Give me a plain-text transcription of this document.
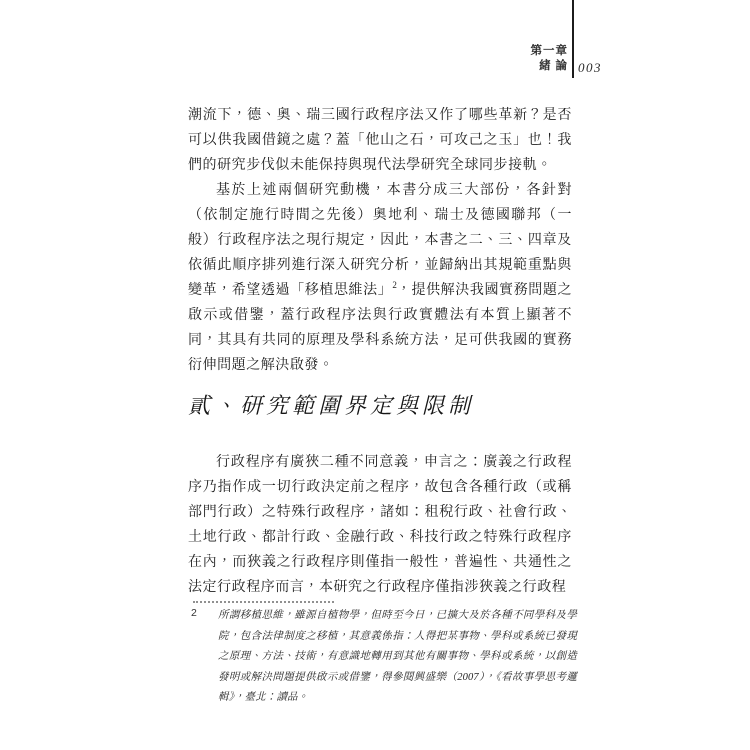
第一章
緒 論 003

潮流下，德、奧、瑞三國行政程序法又作了哪些革新？是否可以供我國借鏡之處？蓋「他山之石，可攻己之玉」也！我們的研究步伐似未能保持與現代法學研究全球同步接軌。

基於上述兩個研究動機，本書分成三大部份，各針對（依制定施行時間之先後）奧地利、瑞士及德國聯邦（一般）行政程序法之現行規定，因此，本書之二、三、四章及依循此順序排列進行深入研究分析，並歸納出其規範重點與變革，希望透過「移植思維法」$^2$，提供解決我國實務問題之啟示或借鑒，蓋行政程序法與行政實體法有本質上顯著不同，其具有共同的原理及學科系統方法，足可供我國的實務衍伸問題之解決啟發。

貳、研究範圍界定與限制

行政程序有廣狹二種不同意義，申言之：廣義之行政程序乃指作成一切行政決定前之程序，故包含各種行政（或稱部門行政）之特殊行政程序，諸如：租稅行政、社會行政、土地行政、都計行政、金融行政、科技行政之特殊行政程序在內，而狹義之行政程序則僅指一般性，普遍性、共通性之法定行政程序而言，本研究之行政程序僅指涉狹義之行政程

2	所謂移植思維，雖源自植物學，但時至今日，已擴大及於各種不同學科及學院，包含法律制度之移植，其意義係指：人得把某事物、學科或系統已發現之原理、方法、技術，有意識地轉用到其他有關事物、學科或系統，以創造發明或解決問題提供啟示或借鑒，得參閱興盛樂（2007），《看故事學思考邏輯》，臺北：讀品。
